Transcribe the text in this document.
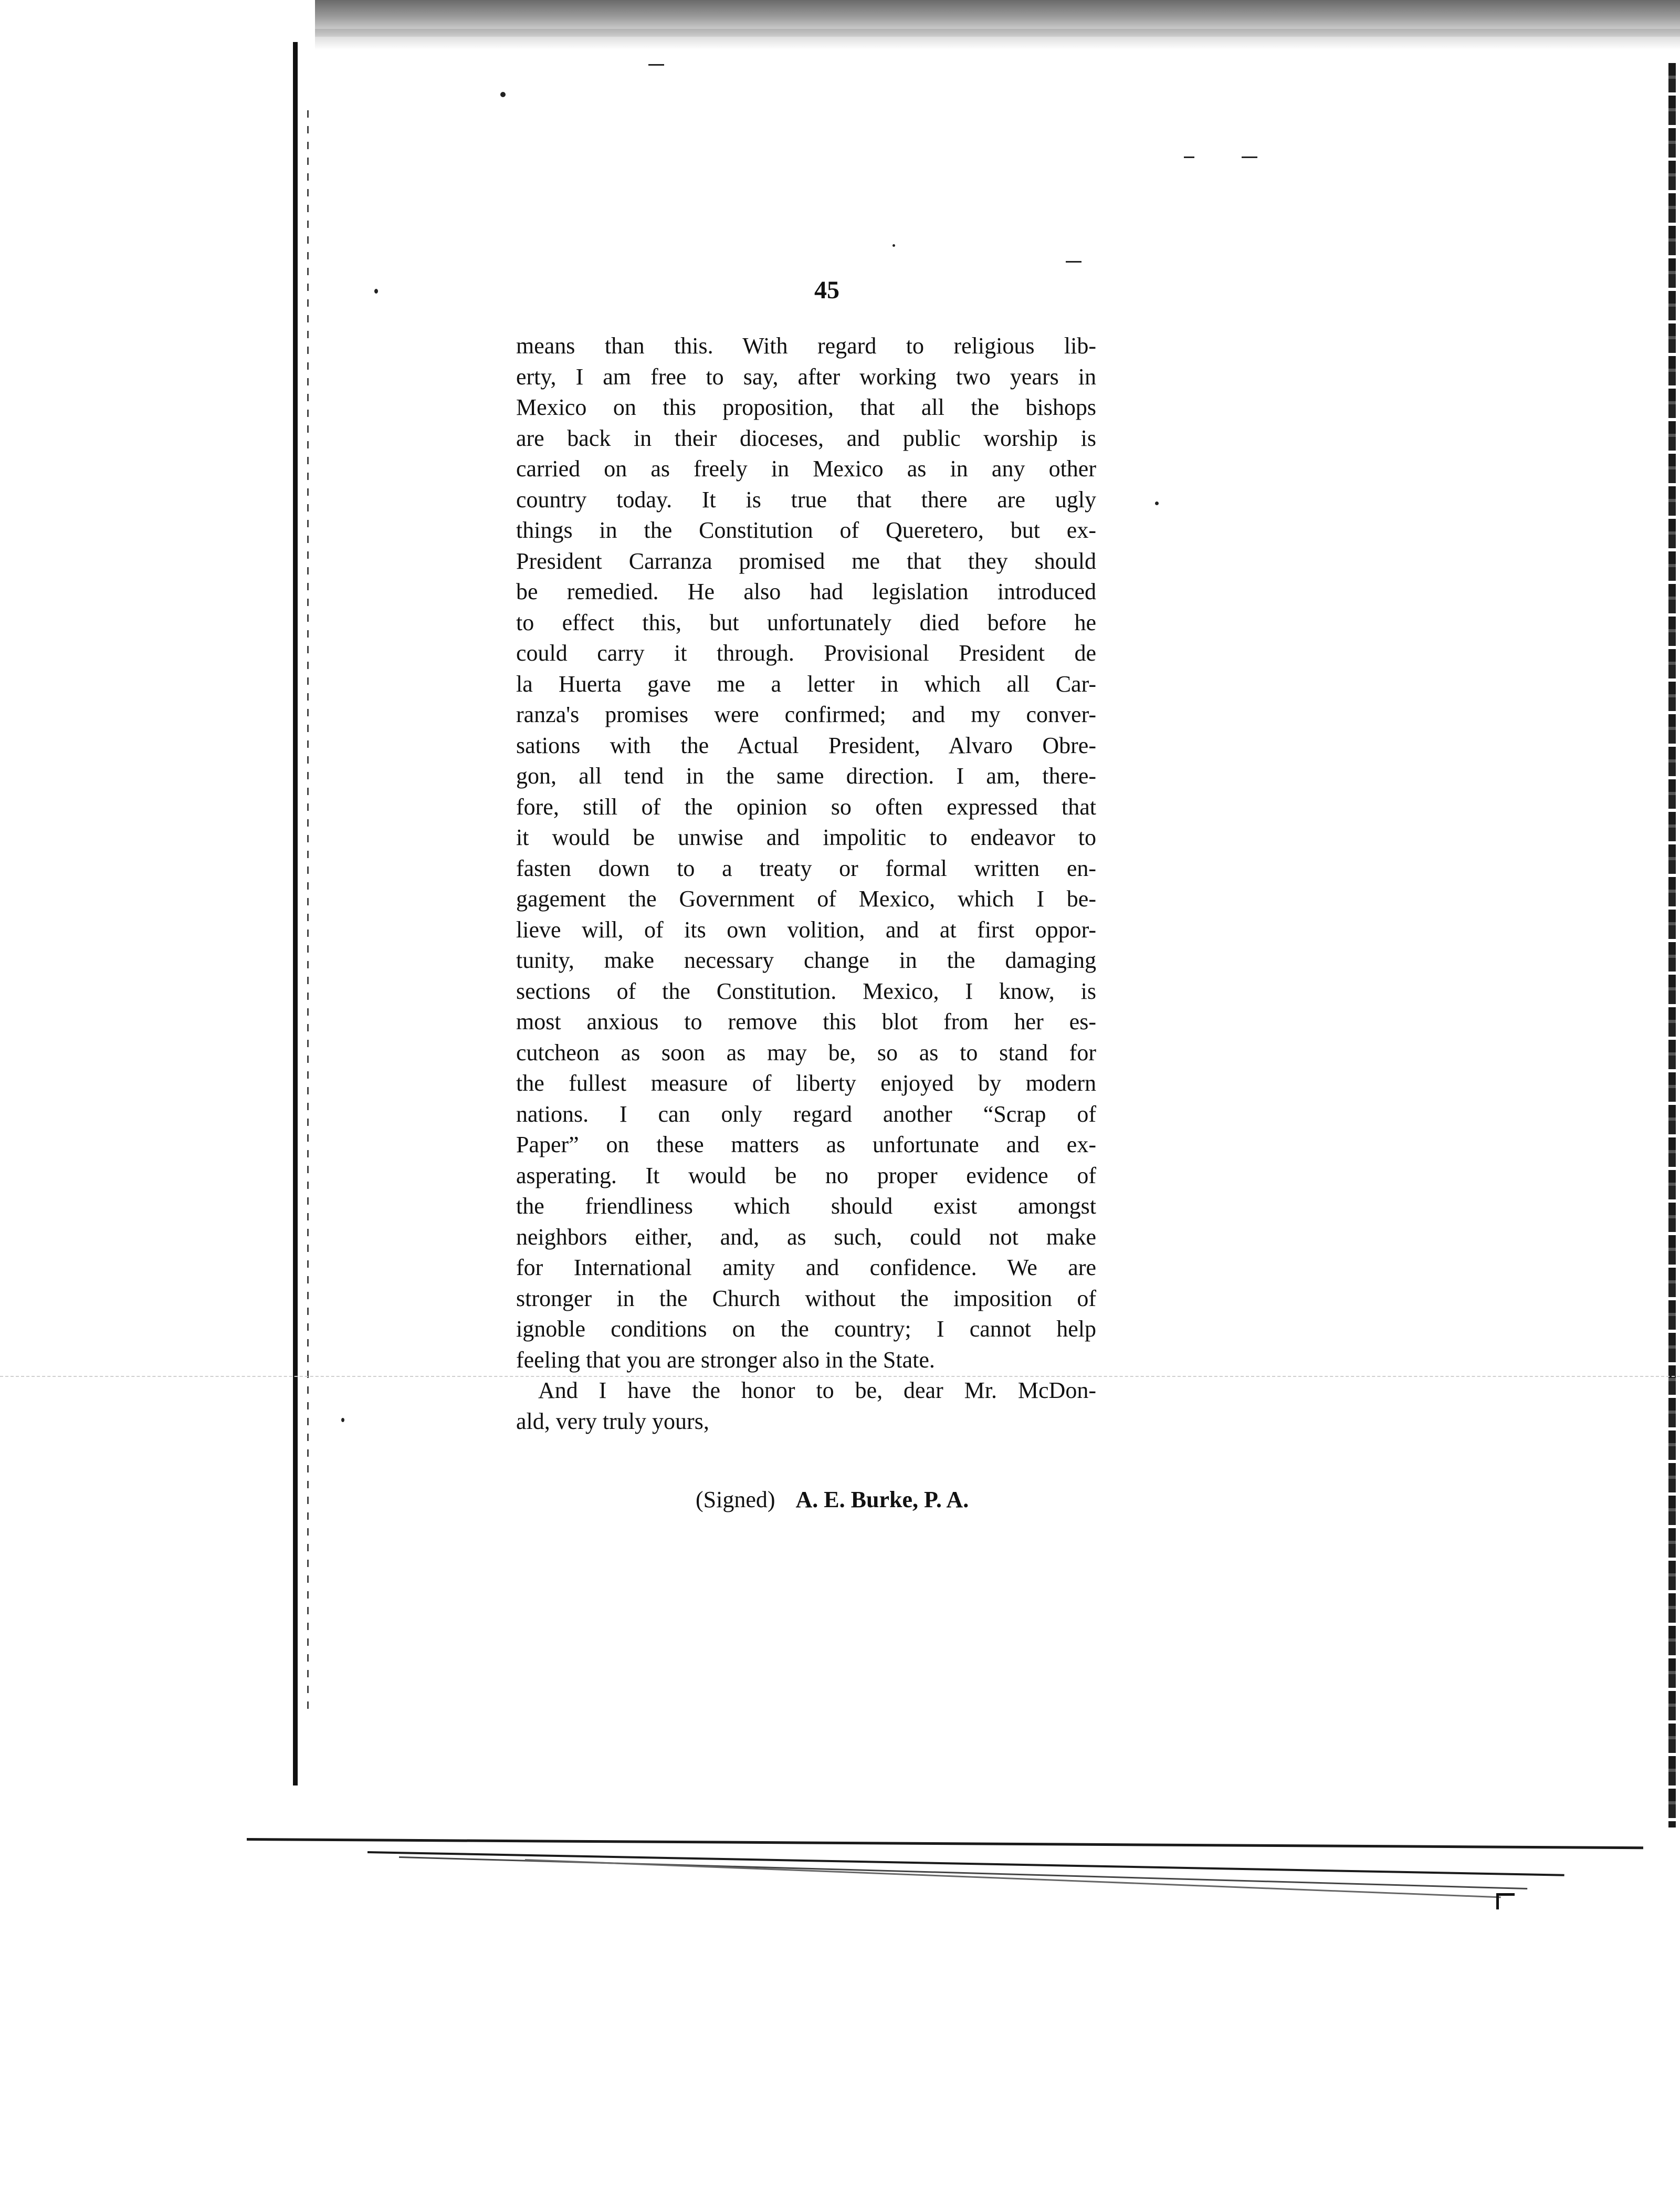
45
means than this. With regard to religious lib-
erty, I am free to say, after working two years in
Mexico on this proposition, that all the bishops
are back in their dioceses, and public worship is
carried on as freely in Mexico as in any other
country today. It is true that there are ugly
things in the Constitution of Queretero, but ex-
President Carranza promised me that they should
be remedied. He also had legislation introduced
to effect this, but unfortunately died before he
could carry it through. Provisional President de
la Huerta gave me a letter in which all Car-
ranza's promises were confirmed; and my conver-
sations with the Actual President, Alvaro Obre-
gon, all tend in the same direction. I am, there-
fore, still of the opinion so often expressed that
it would be unwise and impolitic to endeavor to
fasten down to a treaty or formal written en-
gagement the Government of Mexico, which I be-
lieve will, of its own volition, and at first oppor-
tunity, make necessary change in the damaging
sections of the Constitution. Mexico, I know, is
most anxious to remove this blot from her es-
cutcheon as soon as may be, so as to stand for
the fullest measure of liberty enjoyed by modern
nations. I can only regard another “Scrap of
Paper” on these matters as unfortunate and ex-
asperating. It would be no proper evidence of
the friendliness which should exist amongst
neighbors either, and, as such, could not make
for International amity and confidence. We are
stronger in the Church without the imposition of
ignoble conditions on the country; I cannot help
feeling that you are stronger also in the State.
And I have the honor to be, dear Mr. McDon-
ald, very truly yours,
(Signed) A. E. Burke, P. A.
